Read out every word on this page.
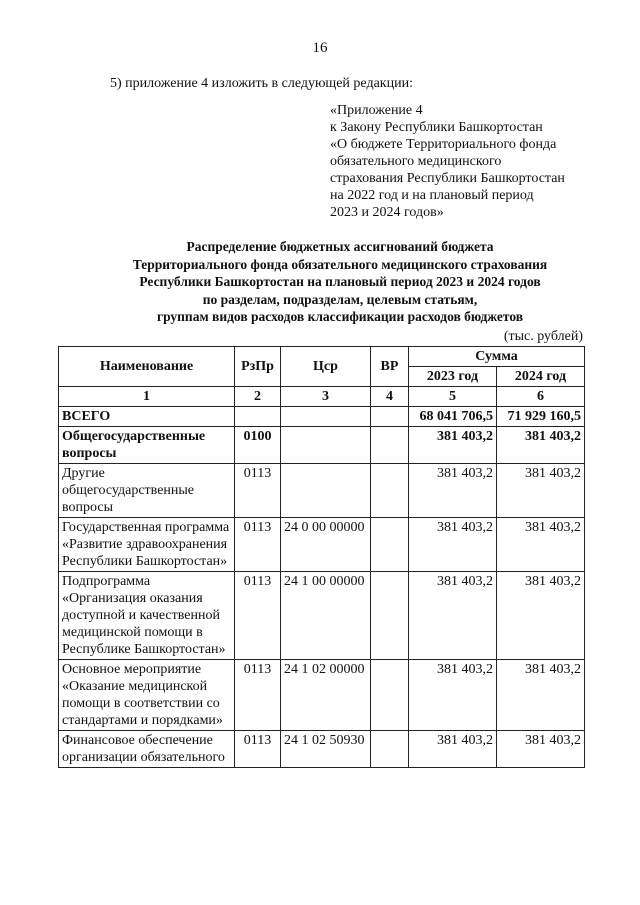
16
5) приложение 4 изложить в следующей редакции:
«Приложение 4
к Закону Республики Башкортостан
«О бюджете Территориального фонда
обязательного медицинского
страхования Республики Башкортостан
на 2022 год и на плановый период
2023 и 2024 годов»
Распределение бюджетных ассигнований бюджета
Территориального фонда обязательного медицинского страхования
Республики Башкортостан на плановый период 2023 и 2024 годов
по разделам, подразделам, целевым статьям,
группам видов расходов классификации расходов бюджетов
(тыс. рублей)
Наименование	РзПр	Цср	ВР	Сумма	
				2023 год	2024 год
1	2	3	4	5	6
ВСЕГО				68 041 706,5	71 929 160,5
Общегосударственные вопросы	0100			381 403,2	381 403,2
Другие общегосударственные вопросы	0113			381 403,2	381 403,2
Государственная программа «Развитие здравоохранения Республики Башкортостан»	0113	24 0 00 00000		381 403,2	381 403,2
Подпрограмма «Организация оказания доступной и качественной медицинской помощи в Республике Башкортостан»	0113	24 1 00 00000		381 403,2	381 403,2
Основное мероприятие «Оказание медицинской помощи в соответствии со стандартами и порядками»	0113	24 1 02 00000		381 403,2	381 403,2
Финансовое обеспечение организации обязательного	0113	24 1 02 50930		381 403,2	381 403,2
